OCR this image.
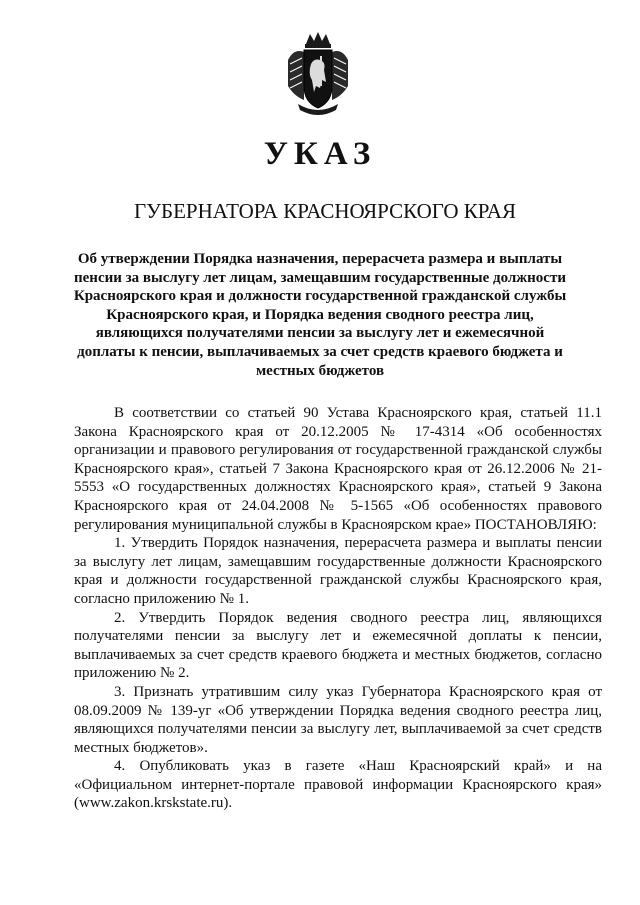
УКАЗ
ГУБЕРНАТОРА КРАСНОЯРСКОГО КРАЯ
Об утверждении Порядка назначения, перерасчета размера и выплаты пенсии за выслугу лет лицам, замещавшим государственные должности Красноярского края и должности государственной гражданской службы Красноярского края, и Порядка ведения сводного реестра лиц, являющихся получателями пенсии за выслугу лет и ежемесячной доплаты к пенсии, выплачиваемых за счет средств краевого бюджета и местных бюджетов

В соответствии со статьей 90 Устава Красноярского края, статьей 11.1 Закона Красноярского края от 20.12.2005 № 17-4314 «Об особенностях организации и правового регулирования от государственной гражданской службы Красноярского края», статьей 7 Закона Красноярского края от 26.12.2006 № 21-5553 «О государственных должностях Красноярского края», статьей 9 Закона Красноярского края от 24.04.2008 № 5-1565 «Об особенностях правового регулирования муниципальной службы в Красноярском крае» ПОСТАНОВЛЯЮ:

1. Утвердить Порядок назначения, перерасчета размера и выплаты пенсии за выслугу лет лицам, замещавшим государственные должности Красноярского края и должности государственной гражданской службы Красноярского края, согласно приложению № 1.

2. Утвердить Порядок ведения сводного реестра лиц, являющихся получателями пенсии за выслугу лет и ежемесячной доплаты к пенсии, выплачиваемых за счет средств краевого бюджета и местных бюджетов, согласно приложению № 2.

3. Признать утратившим силу указ Губернатора Красноярского края от 08.09.2009 № 139-уг «Об утверждении Порядка ведения сводного реестра лиц, являющихся получателями пенсии за выслугу лет, выплачиваемой за счет средств местных бюджетов».

4. Опубликовать указ в газете «Наш Красноярский край» и на «Официальном интернет-портале правовой информации Красноярского края» (www.zakon.krskstate.ru).
